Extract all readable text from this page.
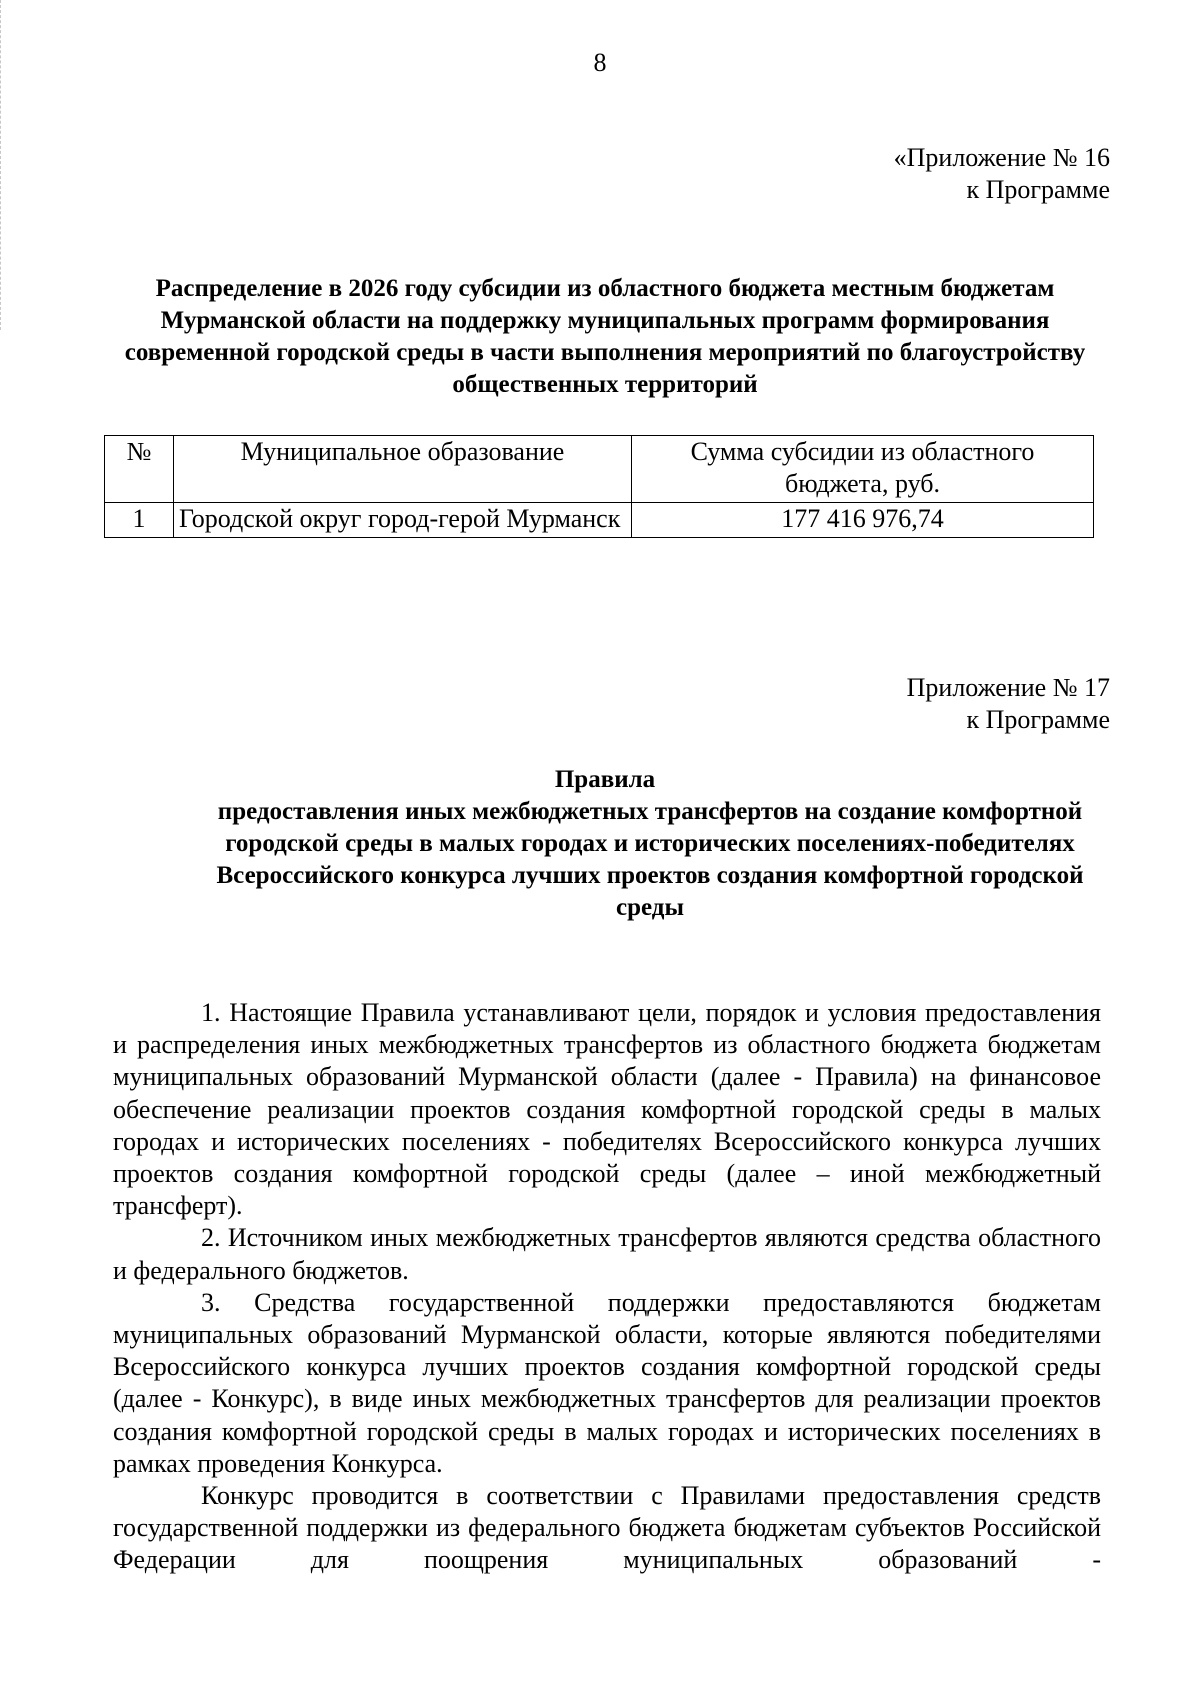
8
«Приложение № 16
к Программе
Распределение в 2026 году субсидии из областного бюджета местным бюджетам Мурманской области на поддержку муниципальных программ формирования современной городской среды в части выполнения мероприятий по благоустройству общественных территорий
№	Муниципальное образование	Сумма субсидии из областного бюджета, руб.
1	Городской округ город-герой Мурманск	177 416 976,74
Приложение № 17
к Программе
Правила
предоставления иных межбюджетных трансфертов на создание комфортной городской среды в малых городах и исторических поселениях-победителях Всероссийского конкурса лучших проектов создания комфортной городской среды

1. Настоящие Правила устанавливают цели, порядок и условия предоставления и распределения иных межбюджетных трансфертов из областного бюджета бюджетам муниципальных образований Мурманской области (далее - Правила) на финансовое обеспечение реализации проектов создания комфортной городской среды в малых городах и исторических поселениях - победителях Всероссийского конкурса лучших проектов создания комфортной городской среды (далее – иной межбюджетный трансферт).

2. Источником иных межбюджетных трансфертов являются средства областного и федерального бюджетов.

3. Средства государственной поддержки предоставляются бюджетам муниципальных образований Мурманской области, которые являются победителями Всероссийского конкурса лучших проектов создания комфортной городской среды (далее - Конкурс), в виде иных межбюджетных трансфертов для реализации проектов создания комфортной городской среды в малых городах и исторических поселениях в рамках проведения Конкурса.

Конкурс проводится в соответствии с Правилами предоставления средств государственной поддержки из федерального бюджета бюджетам субъектов Российской Федерации для поощрения муниципальных образований -
